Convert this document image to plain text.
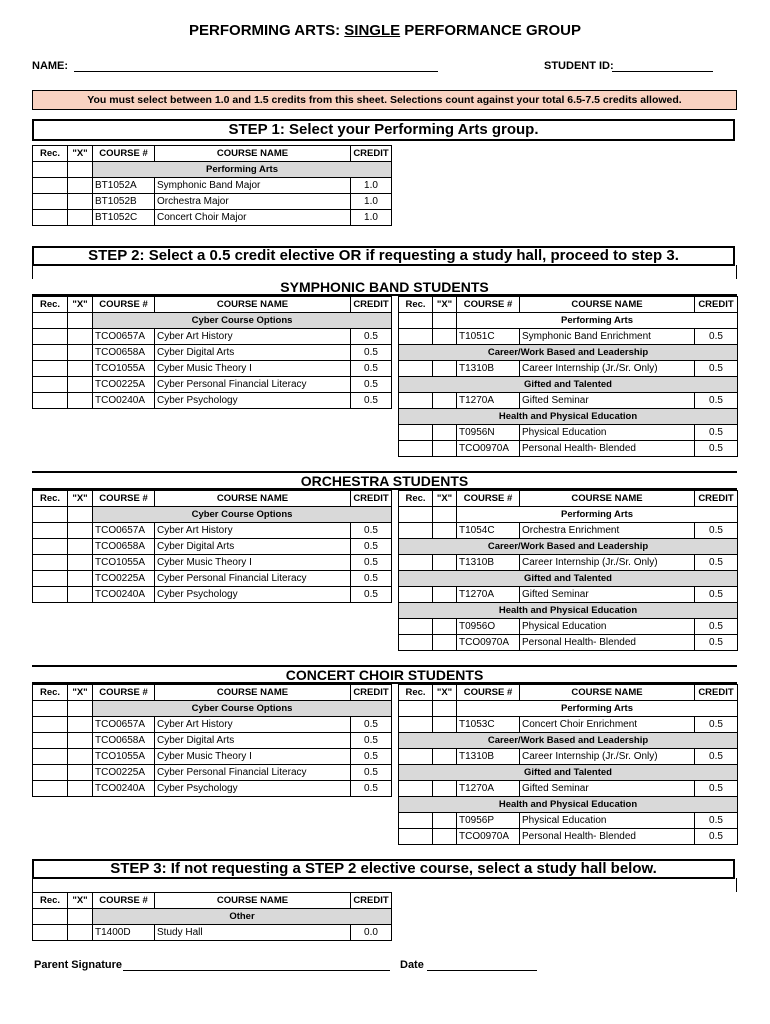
PERFORMING ARTS: SINGLE PERFORMANCE GROUP
NAME:	STUDENT ID:
You must select between 1.0 and 1.5 credits from this sheet. Selections count against your total 6.5-7.5 credits allowed.
STEP 1: Select your Performing Arts group.
Rec.	"X"	COURSE #	COURSE NAME	CREDIT
		Performing Arts		
		BT1052A	Symphonic Band Major	1.0
		BT1052B	Orchestra Major	1.0
		BT1052C	Concert Choir Major	1.0
STEP 2: Select a 0.5 credit elective OR if requesting a study hall, proceed to step 3.
SYMPHONIC BAND STUDENTS
Rec.	"X"	COURSE #	COURSE NAME	CREDIT
		Cyber Course Options		
		TCO0657A	Cyber Art History	0.5
		TCO0658A	Cyber Digital Arts	0.5
		TCO1055A	Cyber Music Theory I	0.5
		TCO0225A	Cyber Personal Financial Literacy	0.5
		TCO0240A	Cyber Psychology	0.5
Rec.	"X"	COURSE #	COURSE NAME	CREDIT
		Performing Arts		
		T1051C	Symphonic Band Enrichment	0.5
Career/Work Based and Leadership				
		T1310B	Career Internship (Jr./Sr. Only)	0.5
Gifted and Talented				
		T1270A	Gifted Seminar	0.5
Health and Physical Education				
		T0956N	Physical Education	0.5
		TCO0970A	Personal Health- Blended	0.5
ORCHESTRA STUDENTS
Rec.	"X"	COURSE #	COURSE NAME	CREDIT
		Cyber Course Options		
		TCO0657A	Cyber Art History	0.5
		TCO0658A	Cyber Digital Arts	0.5
		TCO1055A	Cyber Music Theory I	0.5
		TCO0225A	Cyber Personal Financial Literacy	0.5
		TCO0240A	Cyber Psychology	0.5
Rec.	"X"	COURSE #	COURSE NAME	CREDIT
		Performing Arts		
		T1054C	Orchestra Enrichment	0.5
Career/Work Based and Leadership				
		T1310B	Career Internship (Jr./Sr. Only)	0.5
Gifted and Talented				
		T1270A	Gifted Seminar	0.5
Health and Physical Education				
		T0956O	Physical Education	0.5
		TCO0970A	Personal Health- Blended	0.5
CONCERT CHOIR STUDENTS
Rec.	"X"	COURSE #	COURSE NAME	CREDIT
		Cyber Course Options		
		TCO0657A	Cyber Art History	0.5
		TCO0658A	Cyber Digital Arts	0.5
		TCO1055A	Cyber Music Theory I	0.5
		TCO0225A	Cyber Personal Financial Literacy	0.5
		TCO0240A	Cyber Psychology	0.5
Rec.	"X"	COURSE #	COURSE NAME	CREDIT
		Performing Arts		
		T1053C	Concert Choir Enrichment	0.5
Career/Work Based and Leadership				
		T1310B	Career Internship (Jr./Sr. Only)	0.5
Gifted and Talented				
		T1270A	Gifted Seminar	0.5
Health and Physical Education				
		T0956P	Physical Education	0.5
		TCO0970A	Personal Health- Blended	0.5
STEP 3: If not requesting a STEP 2 elective course, select a study hall below.
Rec.	"X"	COURSE #	COURSE NAME	CREDIT
		Other		
		T1400D	Study Hall	0.0
Parent Signature	Date
